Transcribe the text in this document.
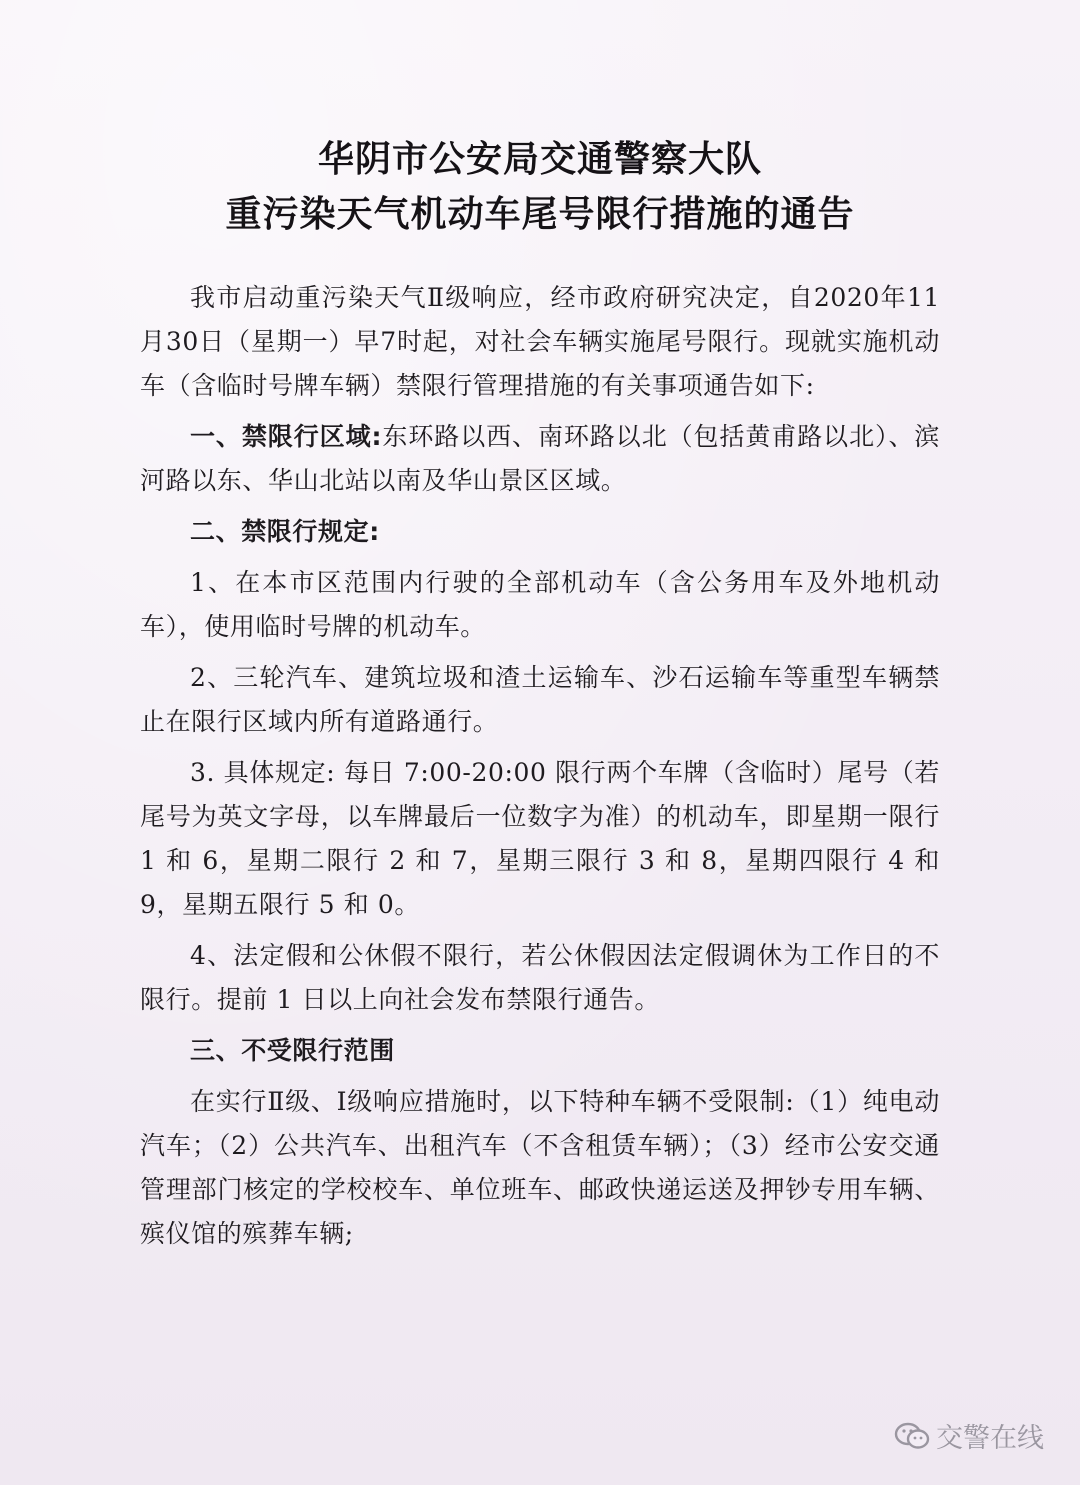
华阴市公安局交通警察大队
重污染天气机动车尾号限行措施的通告

我市启动重污染天气Ⅱ级响应，经市政府研究决定，自2020年11月30日（星期一）早7时起，对社会车辆实施尾号限行。现就实施机动车（含临时号牌车辆）禁限行管理措施的有关事项通告如下:

一、禁限行区域:东环路以西、南环路以北（包括黄甫路以北）、滨河路以东、华山北站以南及华山景区区域。

二、禁限行规定:

1、在本市区范围内行驶的全部机动车（含公务用车及外地机动车），使用临时号牌的机动车。

2、三轮汽车、建筑垃圾和渣土运输车、沙石运输车等重型车辆禁止在限行区域内所有道路通行。

3. 具体规定: 每日 7:00-20:00 限行两个车牌（含临时）尾号（若尾号为英文字母，以车牌最后一位数字为准）的机动车，即星期一限行 1 和 6，星期二限行 2 和 7，星期三限行 3 和 8，星期四限行 4 和 9，星期五限行 5 和 0。

4、法定假和公休假不限行，若公休假因法定假调休为工作日的不限行。提前 1 日以上向社会发布禁限行通告。

三、不受限行范围

在实行Ⅱ级、Ⅰ级响应措施时，以下特种车辆不受限制:（1）纯电动汽车；（2）公共汽车、出租汽车（不含租赁车辆）；（3）经市公安交通管理部门核定的学校校车、单位班车、邮政快递运送及押钞专用车辆、殡仪馆的殡葬车辆;

交警在线
